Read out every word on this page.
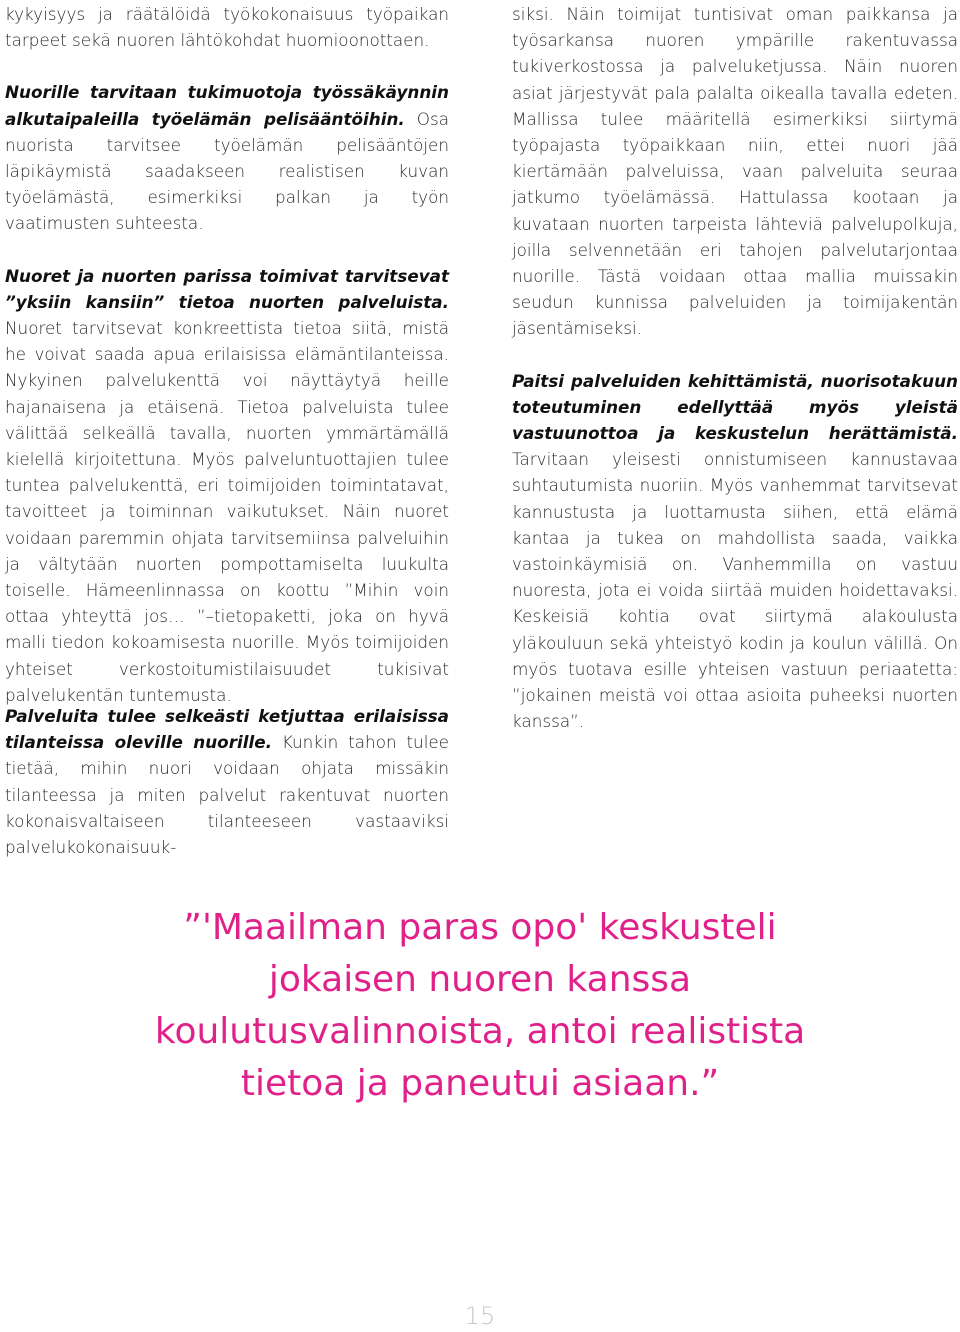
kykyisyys ja räätälöidä työkokonaisuus työpaikan tarpeet sekä nuoren lähtökohdat huomioonottaen.

Nuorille tarvitaan tukimuotoja työssäkäynnin alkutaipaleilla työelämän pelisääntöihin. Osa nuorista tarvitsee työelämän pelisääntöjen läpikäymistä saadakseen realistisen kuvan työelämästä, esimerkiksi palkan ja työn vaatimusten suhteesta.

Nuoret ja nuorten parissa toimivat tarvitsevat ”yksiin kansiin” tietoa nuorten palveluista. Nuoret tarvitsevat konkreettista tietoa siitä, mistä he voivat saada apua erilaisissa elämäntilanteissa. Nykyinen palvelukenttä voi näyttäytyä heille hajanaisena ja etäisenä. Tietoa palveluista tulee välittää selkeällä tavalla, nuorten ymmärtämällä kielellä kirjoitettuna. Myös palveluntuottajien tulee tuntea palvelukenttä, eri toimijoiden toimintatavat, tavoitteet ja toiminnan vaikutukset. Näin nuoret voidaan paremmin ohjata tarvitsemiinsa palveluihin ja vältytään nuorten pompottamiselta luukulta toiselle. Hämeenlinnassa on koottu ”Mihin voin ottaa yhteyttä jos… ”–tietopaketti, joka on hyvä malli tiedon kokoamisesta nuorille. Myös toimijoiden yhteiset verkostoitumistilaisuudet tukisivat palvelukentän tuntemusta.

Palveluita tulee selkeästi ketjuttaa erilaisissa tilanteissa oleville nuorille. Kunkin tahon tulee tietää, mihin nuori voidaan ohjata missäkin tilanteessa ja miten palvelut rakentuvat nuorten kokonaisvaltaiseen tilanteeseen vastaaviksi palvelukokonaisuuk-

siksi. Näin toimijat tuntisivat oman paikkansa ja työsarkansa nuoren ympärille rakentuvassa tukiverkostossa ja palveluketjussa. Näin nuoren asiat järjestyvät pala palalta oikealla tavalla edeten. Mallissa tulee määritellä esimerkiksi siirtymä työpajasta työpaikkaan niin, ettei nuori jää kiertämään palveluissa, vaan palveluita seuraa jatkumo työelämässä. Hattulassa kootaan ja kuvataan nuorten tarpeista lähteviä palvelupolkuja, joilla selvennetään eri tahojen palvelutarjontaa nuorille. Tästä voidaan ottaa mallia muissakin seudun kunnissa palveluiden ja toimijakentän jäsentämiseksi.

Paitsi palveluiden kehittämistä, nuorisotakuun toteutuminen edellyttää myös yleistä vastuunottoa ja keskustelun herättämistä. Tarvitaan yleisesti onnistumiseen kannustavaa suhtautumista nuoriin. Myös vanhemmat tarvitsevat kannustusta ja luottamusta siihen, että elämä kantaa ja tukea on mahdollista saada, vaikka vastoinkäymisiä on. Vanhemmilla on vastuu nuoresta, jota ei voida siirtää muiden hoidettavaksi. Keskeisiä kohtia ovat siirtymä alakoulusta yläkouluun sekä yhteistyö kodin ja koulun välillä. On myös tuotava esille yhteisen vastuun periaatetta: ”jokainen meistä voi ottaa asioita puheeksi nuorten kanssa”.

”'Maailman paras opo' keskusteli
jokaisen nuoren kanssa
koulutusvalinnoista, antoi realistista
tietoa ja paneutui asiaan.”
15
